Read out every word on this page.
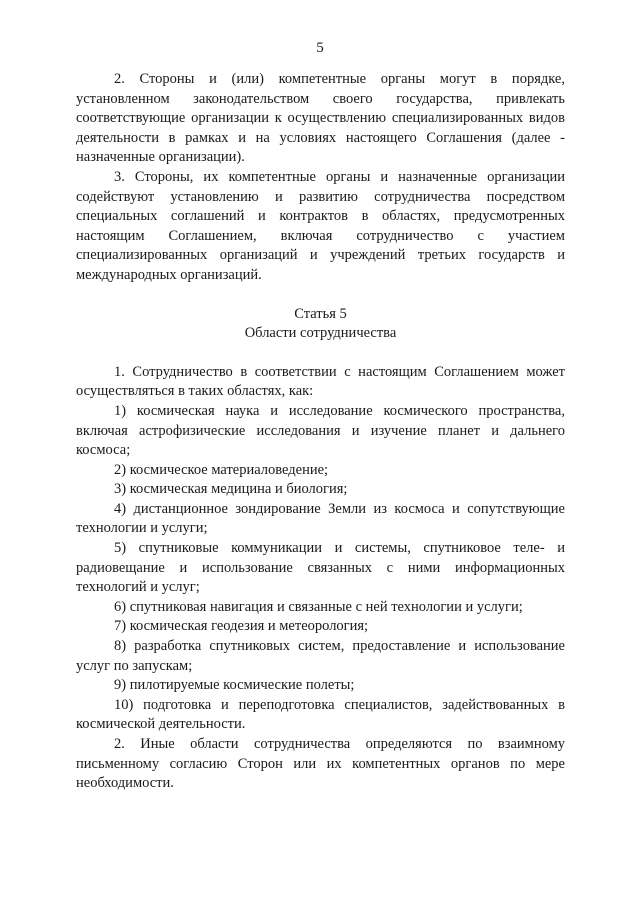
5

2. Стороны и (или) компетентные органы могут в порядке, установленном законодательством своего государства, привлекать соответствующие организации к осуществлению специализированных видов деятельности в рамках и на условиях настоящего Соглашения (далее - назначенные организации).

3. Стороны, их компетентные органы и назначенные организации содействуют установлению и развитию сотрудничества посредством специальных соглашений и контрактов в областях, предусмотренных настоящим Соглашением, включая сотрудничество с участием специализированных организаций и учреждений третьих государств и международных организаций.

Статья 5

Области сотрудничества

1. Сотрудничество в соответствии с настоящим Соглашением может осуществляться в таких областях, как:

1) космическая наука и исследование космического пространства, включая астрофизические исследования и изучение планет и дальнего космоса;

2) космическое материаловедение;

3) космическая медицина и биология;

4) дистанционное зондирование Земли из космоса и сопутствующие технологии и услуги;

5) спутниковые коммуникации и системы, спутниковое теле- и радиовещание и использование связанных с ними информационных технологий и услуг;

6) спутниковая навигация и связанные с ней технологии и услуги;

7) космическая геодезия и метеорология;

8) разработка спутниковых систем, предоставление и использование услуг по запускам;

9) пилотируемые космические полеты;

10) подготовка и переподготовка специалистов, задействованных в космической деятельности.

2. Иные области сотрудничества определяются по взаимному письменному согласию Сторон или их компетентных органов по мере необходимости.
